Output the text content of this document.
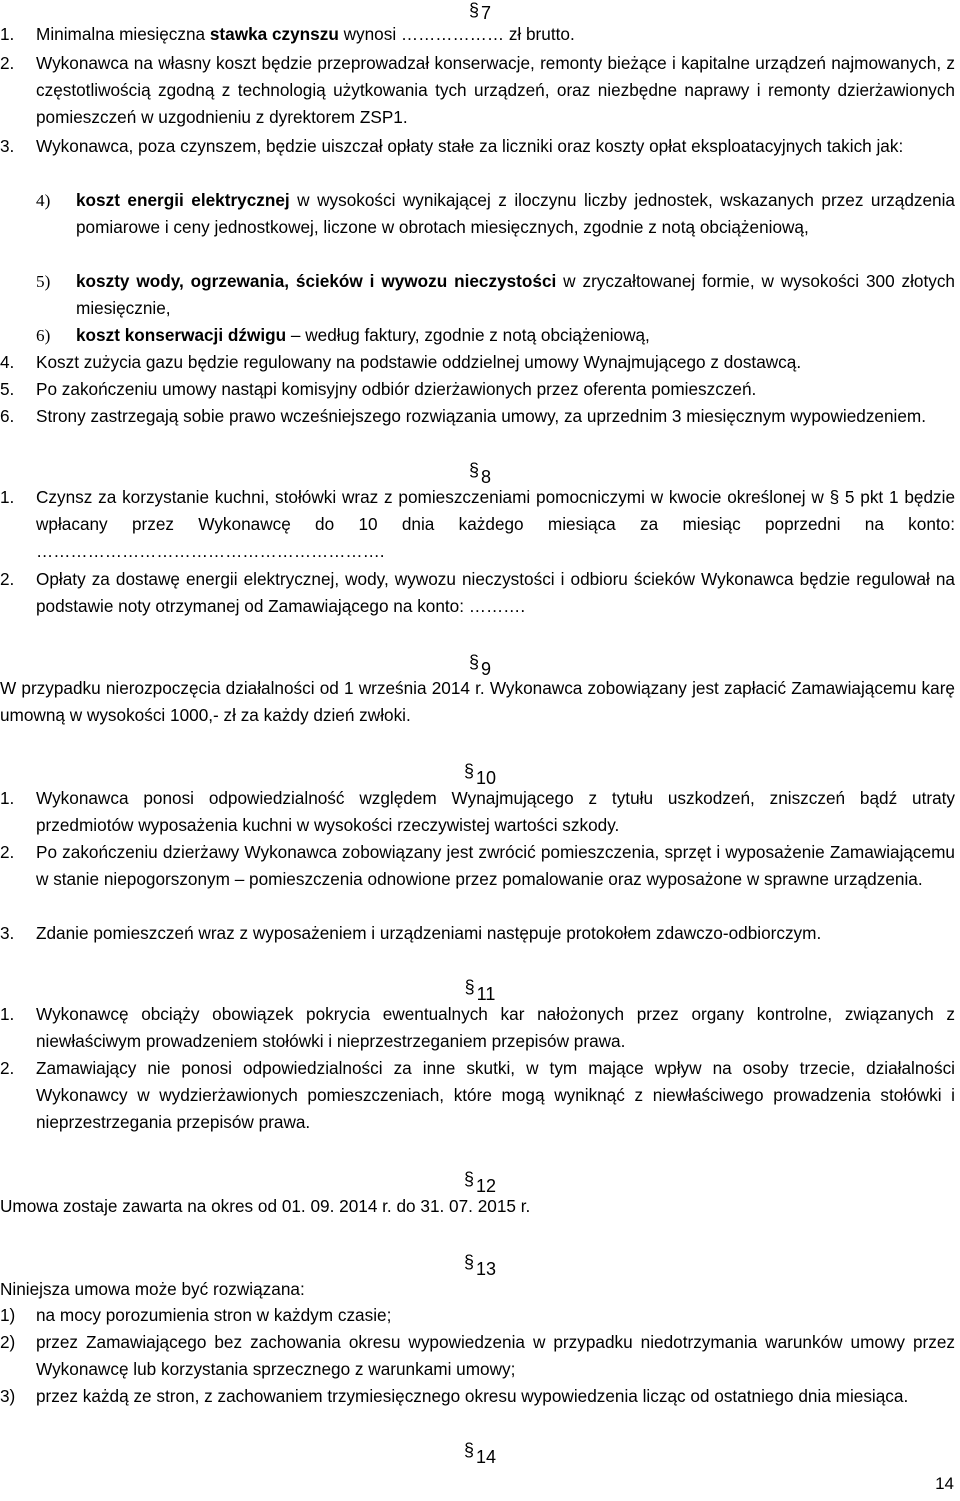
§ 7
1. Minimalna miesięczna stawka czynszu wynosi ……………… zł brutto.
2. Wykonawca na własny koszt będzie przeprowadzał konserwacje, remonty bieżące i kapitalne urządzeń najmowanych, z częstotliwością zgodną z technologią użytkowania tych urządzeń, oraz niezbędne naprawy i remonty dzierżawionych pomieszczeń w uzgodnieniu z dyrektorem ZSP1.
3. Wykonawca, poza czynszem, będzie uiszczał opłaty stałe za liczniki oraz koszty opłat eksploatacyjnych takich jak:
4) koszt energii elektrycznej w wysokości wynikającej z iloczynu liczby jednostek, wskazanych przez urządzenia pomiarowe i ceny jednostkowej, liczone w obrotach miesięcznych, zgodnie z notą obciążeniową,
5) koszty wody, ogrzewania, ścieków i wywozu nieczystości w zryczałtowanej formie, w wysokości 300 złotych miesięcznie,
6) koszt konserwacji dźwigu – według faktury, zgodnie z notą obciążeniową,
4. Koszt zużycia gazu będzie regulowany na podstawie oddzielnej umowy Wynajmującego z dostawcą.
5. Po zakończeniu umowy nastąpi komisyjny odbiór dzierżawionych przez oferenta pomieszczeń.
6. Strony zastrzegają sobie prawo wcześniejszego rozwiązania umowy, za uprzednim 3 miesięcznym wypowiedzeniem.
§ 8
1. Czynsz za korzystanie kuchni, stołówki wraz z pomieszczeniami pomocniczymi w kwocie określonej w § 5 pkt 1 będzie wpłacany przez Wykonawcę do 10 dnia każdego miesiąca za miesiąc poprzedni na konto: …………………………………………………….
2. Opłaty za dostawę energii elektrycznej, wody, wywozu nieczystości i odbioru ścieków Wykonawca będzie regulował na podstawie noty otrzymanej od Zamawiającego na konto: ……….
§ 9
W przypadku nierozpoczęcia działalności od 1 września 2014 r. Wykonawca zobowiązany jest zapłacić Zamawiającemu karę umowną w wysokości 1000,- zł za każdy dzień zwłoki.
§ 10
1. Wykonawca ponosi odpowiedzialność względem Wynajmującego z tytułu uszkodzeń, zniszczeń bądź utraty przedmiotów wyposażenia kuchni w wysokości rzeczywistej wartości szkody.
2. Po zakończeniu dzierżawy Wykonawca zobowiązany jest zwrócić pomieszczenia, sprzęt i wyposażenie Zamawiającemu w stanie niepogorszonym – pomieszczenia odnowione przez pomalowanie oraz wyposażone w sprawne urządzenia.
3. Zdanie pomieszczeń wraz z wyposażeniem i urządzeniami następuje protokołem zdawczo-odbiorczym.
§ 11
1. Wykonawcę obciąży obowiązek pokrycia ewentualnych kar nałożonych przez organy kontrolne, związanych z niewłaściwym prowadzeniem stołówki i nieprzestrzeganiem przepisów prawa.
2. Zamawiający nie ponosi odpowiedzialności za inne skutki, w tym mające wpływ na osoby trzecie, działalności Wykonawcy w wydzierżawionych pomieszczeniach, które mogą wyniknąć z niewłaściwego prowadzenia stołówki i nieprzestrzegania przepisów prawa.
§ 12
Umowa zostaje zawarta na okres od 01. 09. 2014 r. do 31. 07. 2015 r.
§ 13
Niniejsza umowa może być rozwiązana:
1) na mocy porozumienia stron w każdym czasie;
2) przez Zamawiającego bez zachowania okresu wypowiedzenia w przypadku niedotrzymania warunków umowy przez Wykonawcę lub korzystania sprzecznego z warunkami umowy;
3) przez każdą ze stron, z zachowaniem trzymiesięcznego okresu wypowiedzenia licząc od ostatniego dnia miesiąca.
§ 14
14
